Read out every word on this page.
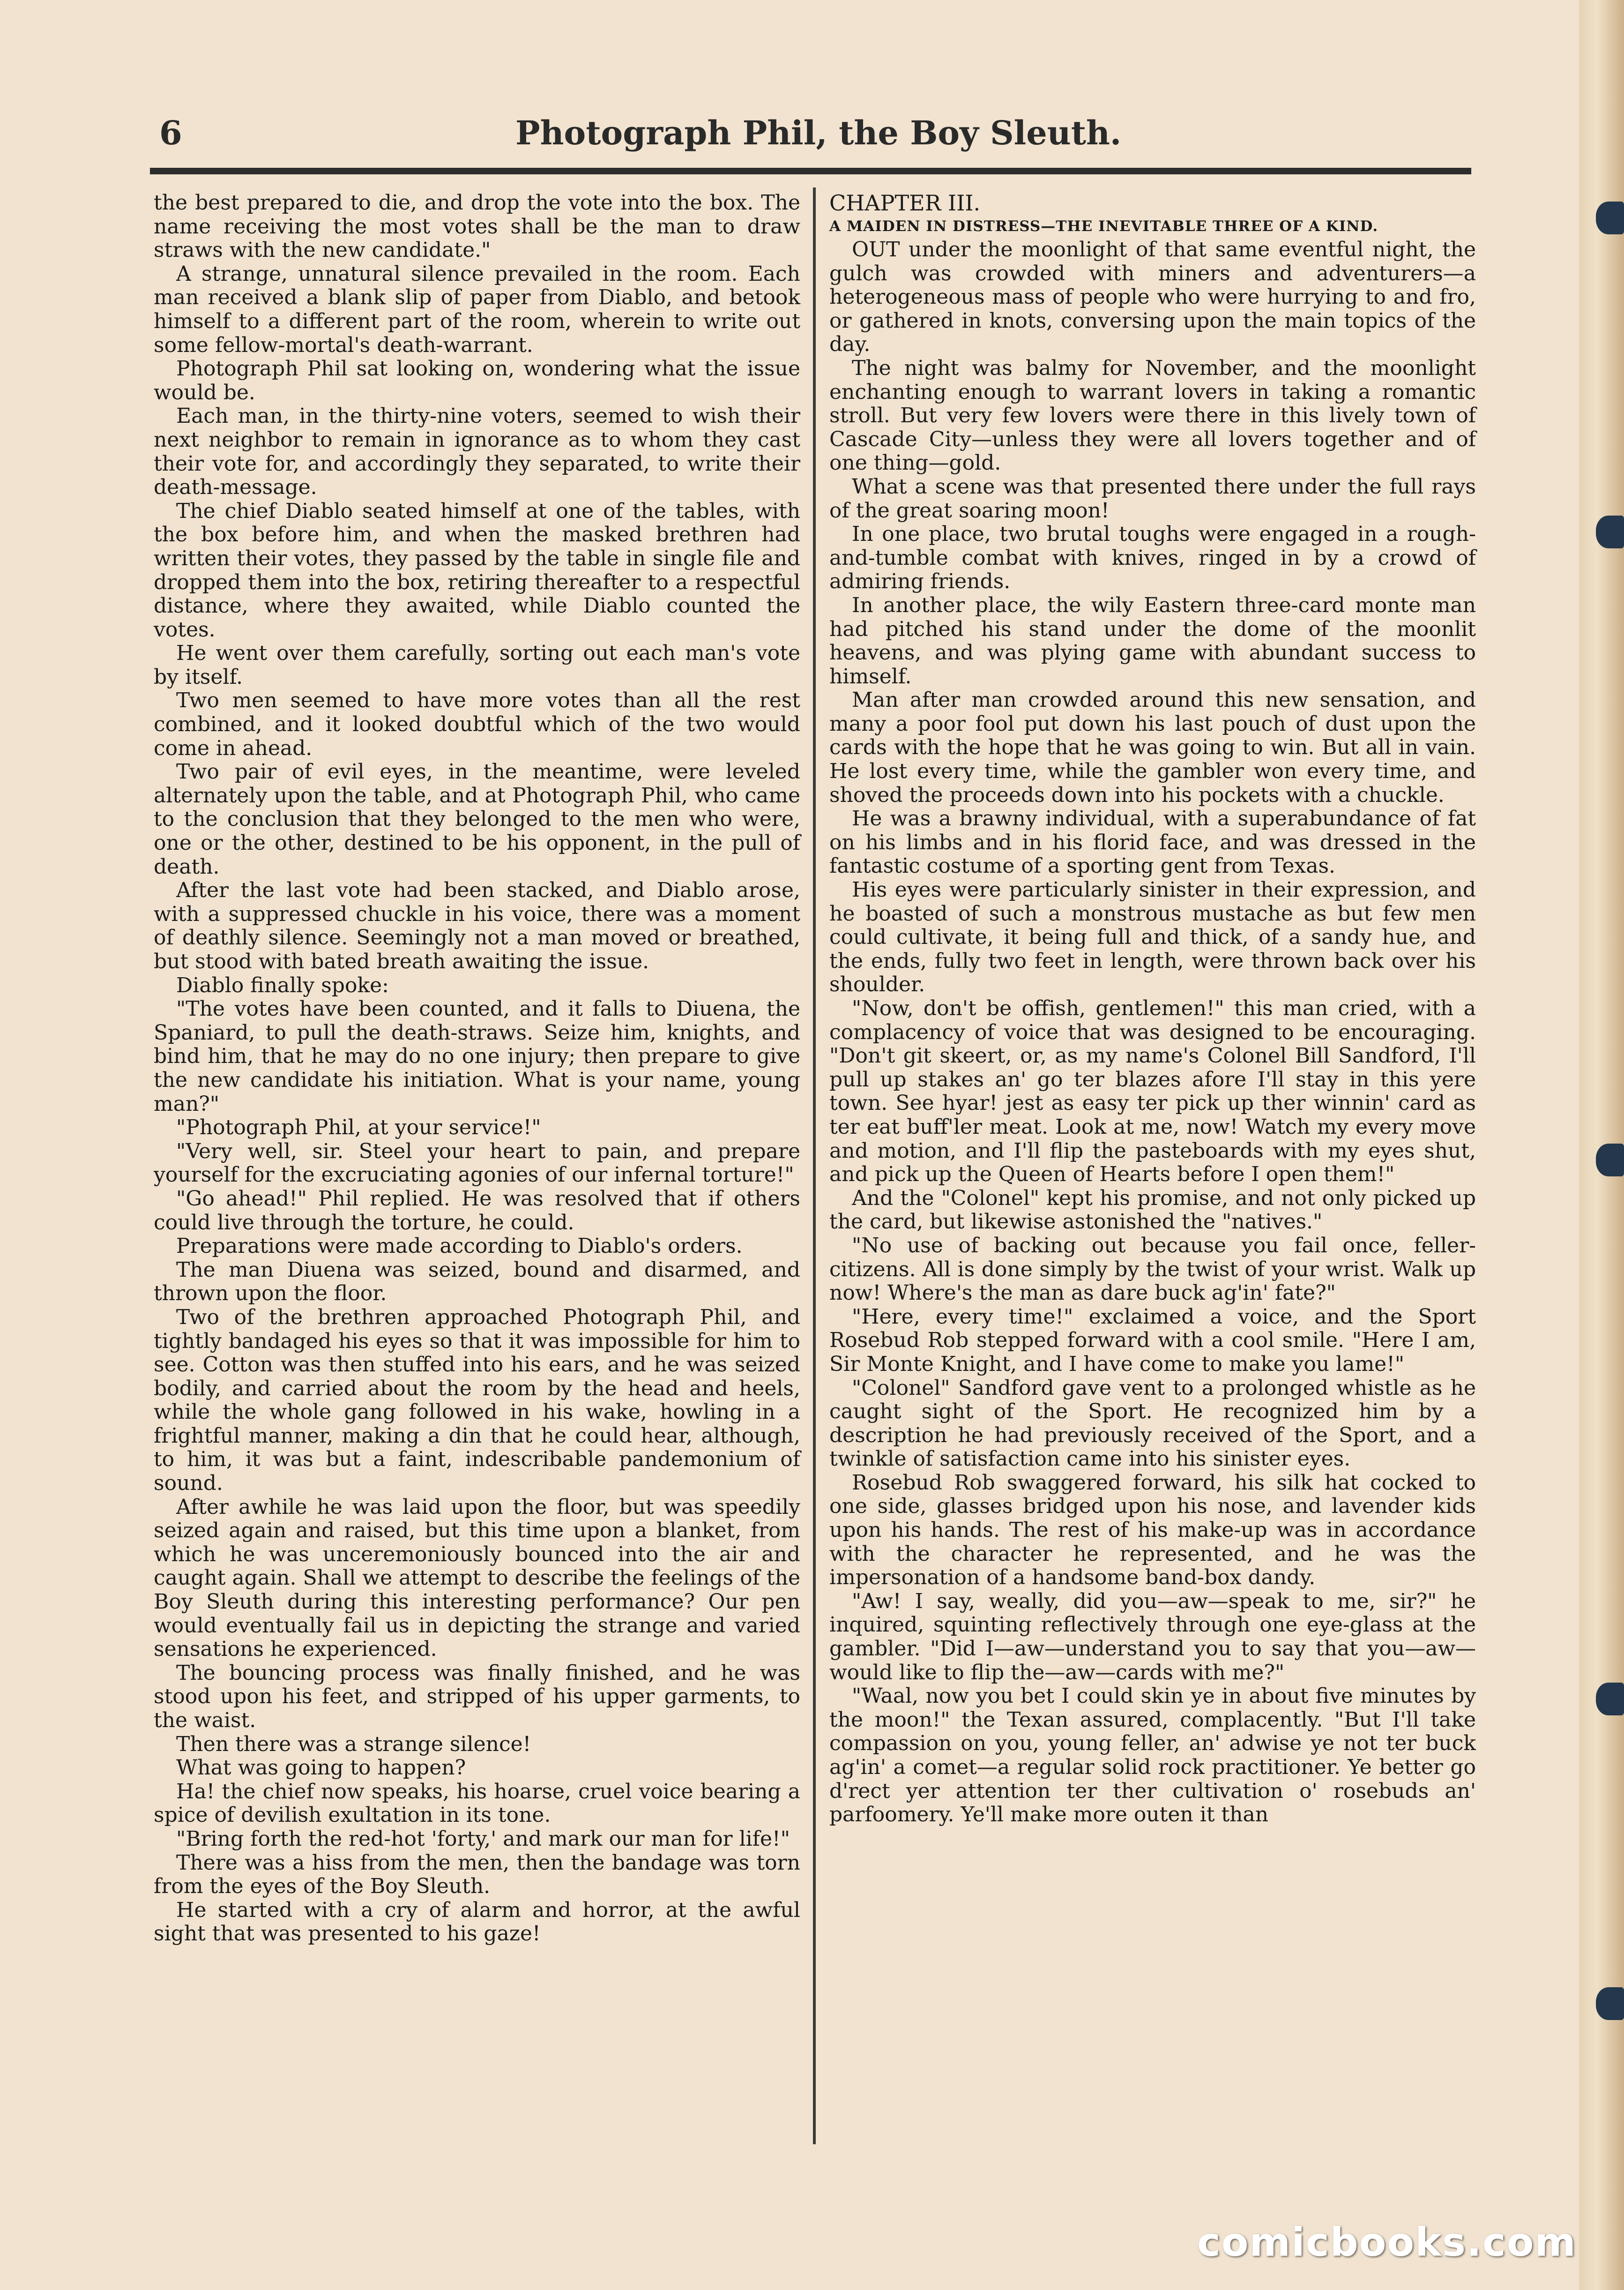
6	Photograph Phil, the Boy Sleuth.

the best prepared to die, and drop the vote into the box. The name receiving the most votes shall be the man to draw straws with the new candidate."

A strange, unnatural silence prevailed in the room. Each man received a blank slip of paper from Diablo, and betook himself to a different part of the room, wherein to write out some fellow-mortal's death-warrant.

Photograph Phil sat looking on, wondering what the issue would be.

Each man, in the thirty-nine voters, seemed to wish their next neighbor to remain in ignorance as to whom they cast their vote for, and accordingly they separated, to write their death-message.

The chief Diablo seated himself at one of the tables, with the box before him, and when the masked brethren had written their votes, they passed by the table in single file and dropped them into the box, retiring thereafter to a respectful distance, where they awaited, while Diablo counted the votes.

He went over them carefully, sorting out each man's vote by itself.

Two men seemed to have more votes than all the rest combined, and it looked doubtful which of the two would come in ahead.

Two pair of evil eyes, in the meantime, were leveled alternately upon the table, and at Photograph Phil, who came to the conclusion that they belonged to the men who were, one or the other, destined to be his opponent, in the pull of death.

After the last vote had been stacked, and Diablo arose, with a suppressed chuckle in his voice, there was a moment of deathly silence. Seemingly not a man moved or breathed, but stood with bated breath awaiting the issue.

Diablo finally spoke:

"The votes have been counted, and it falls to Diuena, the Spaniard, to pull the death-straws. Seize him, knights, and bind him, that he may do no one injury; then prepare to give the new candidate his initiation. What is your name, young man?"

"Photograph Phil, at your service!"

"Very well, sir. Steel your heart to pain, and prepare yourself for the excruciating agonies of our infernal torture!"

"Go ahead!" Phil replied. He was resolved that if others could live through the torture, he could.

Preparations were made according to Diablo's orders.

The man Diuena was seized, bound and disarmed, and thrown upon the floor.

Two of the brethren approached Photograph Phil, and tightly bandaged his eyes so that it was impossible for him to see. Cotton was then stuffed into his ears, and he was seized bodily, and carried about the room by the head and heels, while the whole gang followed in his wake, howling in a frightful manner, making a din that he could hear, although, to him, it was but a faint, indescribable pandemonium of sound.

After awhile he was laid upon the floor, but was speedily seized again and raised, but this time upon a blanket, from which he was unceremoniously bounced into the air and caught again. Shall we attempt to describe the feelings of the Boy Sleuth during this interesting performance? Our pen would eventually fail us in depicting the strange and varied sensations he experienced.

The bouncing process was finally finished, and he was stood upon his feet, and stripped of his upper garments, to the waist.

Then there was a strange silence!

What was going to happen?

Ha! the chief now speaks, his hoarse, cruel voice bearing a spice of devilish exultation in its tone.

"Bring forth the red-hot 'forty,' and mark our man for life!"

There was a hiss from the men, then the bandage was torn from the eyes of the Boy Sleuth.

He started with a cry of alarm and horror, at the awful sight that was presented to his gaze!

CHAPTER III.

A MAIDEN IN DISTRESS—THE INEVITABLE THREE OF A KIND.

OUT under the moonlight of that same eventful night, the gulch was crowded with miners and adventurers—a heterogeneous mass of people who were hurrying to and fro, or gathered in knots, conversing upon the main topics of the day.

The night was balmy for November, and the moonlight enchanting enough to warrant lovers in taking a romantic stroll. But very few lovers were there in this lively town of Cascade City—unless they were all lovers together and of one thing—gold.

What a scene was that presented there under the full rays of the great soaring moon!

In one place, two brutal toughs were engaged in a rough-and-tumble combat with knives, ringed in by a crowd of admiring friends.

In another place, the wily Eastern three-card monte man had pitched his stand under the dome of the moonlit heavens, and was plying game with abundant success to himself.

Man after man crowded around this new sensation, and many a poor fool put down his last pouch of dust upon the cards with the hope that he was going to win. But all in vain. He lost every time, while the gambler won every time, and shoved the proceeds down into his pockets with a chuckle.

He was a brawny individual, with a superabundance of fat on his limbs and in his florid face, and was dressed in the fantastic costume of a sporting gent from Texas.

His eyes were particularly sinister in their expression, and he boasted of such a monstrous mustache as but few men could cultivate, it being full and thick, of a sandy hue, and the ends, fully two feet in length, were thrown back over his shoulder.

"Now, don't be offish, gentlemen!" this man cried, with a complacency of voice that was designed to be encouraging. "Don't git skeert, or, as my name's Colonel Bill Sandford, I'll pull up stakes an' go ter blazes afore I'll stay in this yere town. See hyar! jest as easy ter pick up ther winnin' card as ter eat buff'ler meat. Look at me, now! Watch my every move and motion, and I'll flip the pasteboards with my eyes shut, and pick up the Queen of Hearts before I open them!"

And the "Colonel" kept his promise, and not only picked up the card, but likewise astonished the "natives."

"No use of backing out because you fail once, feller-citizens. All is done simply by the twist of your wrist. Walk up now! Where's the man as dare buck ag'in' fate?"

"Here, every time!" exclaimed a voice, and the Sport Rosebud Rob stepped forward with a cool smile. "Here I am, Sir Monte Knight, and I have come to make you lame!"

"Colonel" Sandford gave vent to a prolonged whistle as he caught sight of the Sport. He recognized him by a description he had previously received of the Sport, and a twinkle of satisfaction came into his sinister eyes.

Rosebud Rob swaggered forward, his silk hat cocked to one side, glasses bridged upon his nose, and lavender kids upon his hands. The rest of his make-up was in accordance with the character he represented, and he was the impersonation of a handsome band-box dandy.

"Aw! I say, weally, did you—aw—speak to me, sir?" he inquired, squinting reflectively through one eye-glass at the gambler. "Did I—aw—understand you to say that you—aw—would like to flip the—aw—cards with me?"

"Waal, now you bet I could skin ye in about five minutes by the moon!" the Texan assured, complacently. "But I'll take compassion on you, young feller, an' adwise ye not ter buck ag'in' a comet—a regular solid rock practitioner. Ye better go d'rect yer attention ter ther cultivation o' rosebuds an' parfoomery. Ye'll make more outen it than

comicbooks.com
